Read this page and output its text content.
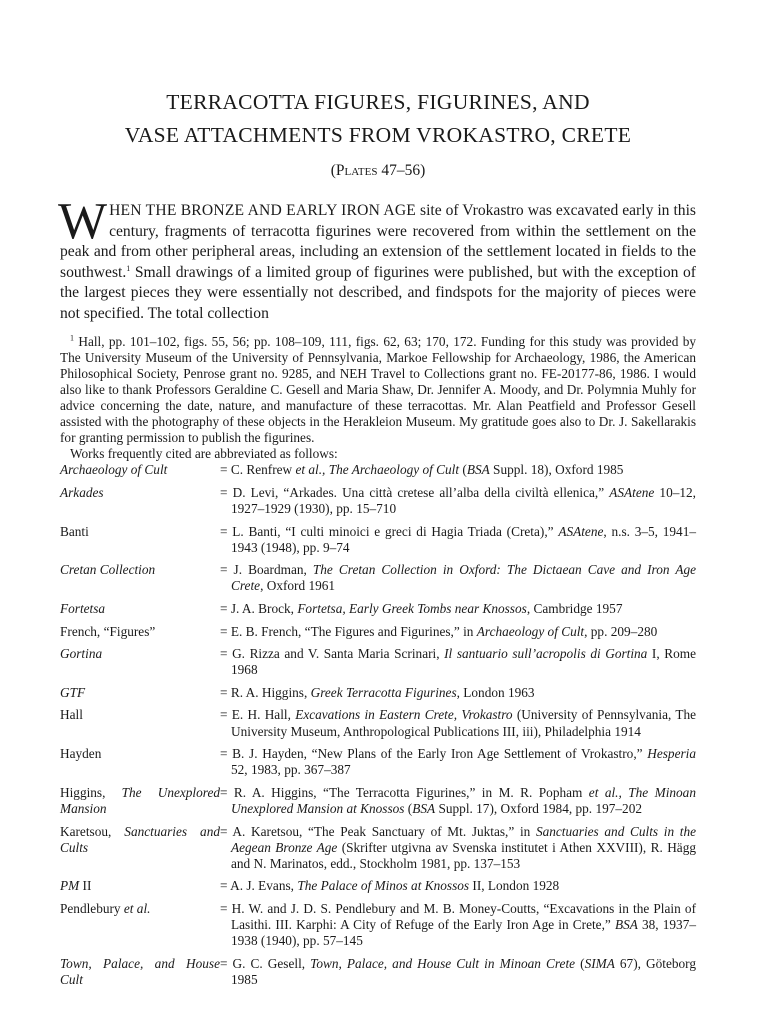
TERRACOTTA FIGURES, FIGURINES, AND
VASE ATTACHMENTS FROM VROKASTRO, CRETE
(Plates 47–56)
WHEN THE BRONZE AND EARLY IRON AGE site of Vrokastro was excavated early in this century, fragments of terracotta figurines were recovered from within the settlement on the peak and from other peripheral areas, including an extension of the settlement located in fields to the southwest.$^1$ Small drawings of a limited group of figurines were published, but with the exception of the largest pieces they were essentially not described, and findspots for the majority of pieces were not specified. The total collection

$^1$ Hall, pp. 101–102, figs. 55, 56; pp. 108–109, 111, figs. 62, 63; 170, 172. Funding for this study was provided by The University Museum of the University of Pennsylvania, Markoe Fellowship for Archaeology, 1986, the American Philosophical Society, Penrose grant no. 9285, and NEH Travel to Collections grant no. FE-20177-86, 1986. I would also like to thank Professors Geraldine C. Gesell and Maria Shaw, Dr. Jennifer A. Moody, and Dr. Polymnia Muhly for advice concerning the date, nature, and manufacture of these terracottas. Mr. Alan Peatfield and Professor Gesell assisted with the photography of these objects in the Herakleion Museum. My gratitude goes also to Dr. J. Sakellarakis for granting permission to publish the figurines.

Works frequently cited are abbreviated as follows:

Archaeology of Cult	= C. Renfrew et al., The Archaeology of Cult (BSA Suppl. 18), Oxford 1985
Arkades	= D. Levi, “Arkades. Una città cretese all’alba della civiltà ellenica,” ASAtene 10–12, 1927–1929 (1930), pp. 15–710
Banti	= L. Banti, “I culti minoici e greci di Hagia Triada (Creta),” ASAtene, n.s. 3–5, 1941–1943 (1948), pp. 9–74
Cretan Collection	= J. Boardman, The Cretan Collection in Oxford: The Dictaean Cave and Iron Age Crete, Oxford 1961
Fortetsa	= J. A. Brock, Fortetsa, Early Greek Tombs near Knossos, Cambridge 1957
French, “Figures”	= E. B. French, “The Figures and Figurines,” in Archaeology of Cult, pp. 209–280
Gortina	= G. Rizza and V. Santa Maria Scrinari, Il santuario sull’acropolis di Gortina I, Rome 1968
GTF	= R. A. Higgins, Greek Terracotta Figurines, London 1963
Hall	= E. H. Hall, Excavations in Eastern Crete, Vrokastro (University of Pennsylvania, The University Museum, Anthropological Publications III, iii), Philadelphia 1914
Hayden	= B. J. Hayden, “New Plans of the Early Iron Age Settlement of Vrokastro,” Hesperia 52, 1983, pp. 367–387
Higgins, The Unexplored Mansion
= R. A. Higgins, “The Terracotta Figurines,” in M. R. Popham et al., The Minoan Unexplored Mansion at Knossos (BSA Suppl. 17), Oxford 1984, pp. 197–202
Karetsou, Sanctuaries and Cults
= A. Karetsou, “The Peak Sanctuary of Mt. Juktas,” in Sanctuaries and Cults in the Aegean Bronze Age (Skrifter utgivna av Svenska institutet i Athen XXVIII), R. Hägg and N. Marinatos, edd., Stockholm 1981, pp. 137–153
PM II	= A. J. Evans, The Palace of Minos at Knossos II, London 1928
Pendlebury et al.	= H. W. and J. D. S. Pendlebury and M. B. Money-Coutts, “Excavations in the Plain of Lasithi. III. Karphi: A City of Refuge of the Early Iron Age in Crete,” BSA 38, 1937–1938 (1940), pp. 57–145
Town, Palace, and House Cult
= G. C. Gesell, Town, Palace, and House Cult in Minoan Crete (SIMA 67), Göteborg 1985
